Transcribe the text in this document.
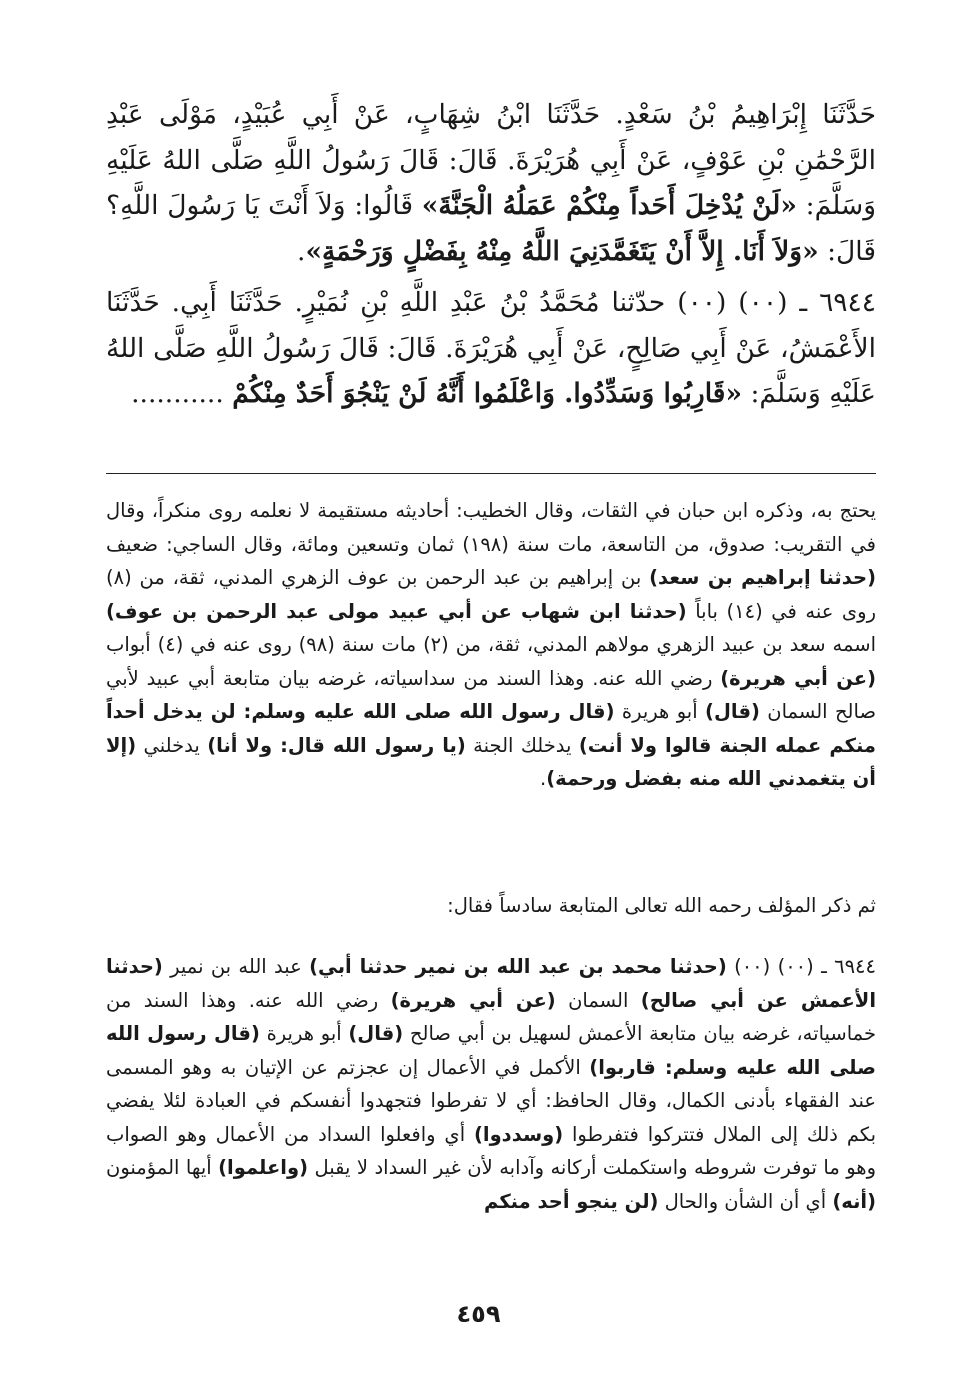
حَدَّثَنَا إِبْرَاهِيمُ بْنُ سَعْدٍ. حَدَّثَنَا ابْنُ شِهَابٍ، عَنْ أَبِي عُبَيْدٍ، مَوْلَى عَبْدِ الرَّحْمَٰنِ بْنِ عَوْفٍ، عَنْ أَبِي هُرَيْرَةَ. قَالَ: قَالَ رَسُولُ اللَّهِ صَلَّى اللهُ عَلَيْهِ وَسَلَّمَ: «لَنْ يُدْخِلَ أَحَداً مِنْكُمْ عَمَلُهُ الْجَنَّةَ» قَالُوا: وَلاَ أَنْتَ يَا رَسُولَ اللَّهِ؟ قَالَ: «وَلاَ أَنَا. إِلاَّ أَنْ يَتَغَمَّدَنِيَ اللَّهُ مِنْهُ بِفَضْلٍ وَرَحْمَةٍ».

٦٩٤٤ ـ (٠٠) (٠٠) حدّثنا مُحَمَّدُ بْنُ عَبْدِ اللَّهِ بْنِ نُمَيْرٍ. حَدَّثَنَا أَبِي. حَدَّثَنَا الأَعْمَشُ، عَنْ أَبِي صَالِحٍ، عَنْ أَبِي هُرَيْرَةَ. قَالَ: قَالَ رَسُولُ اللَّهِ صَلَّى اللهُ عَلَيْهِ وَسَلَّمَ: «قَارِبُوا وَسَدِّدُوا. وَاعْلَمُوا أَنَّهُ لَنْ يَنْجُوَ أَحَدٌ مِنْكُمْ ...........

يحتج به، وذكره ابن حبان في الثقات، وقال الخطيب: أحاديثه مستقيمة لا نعلمه روى منكراً، وقال في التقريب: صدوق، من التاسعة، مات سنة (١٩٨) ثمان وتسعين ومائة، وقال الساجي: ضعيف (حدثنا إبراهيم بن سعد) بن إبراهيم بن عبد الرحمن بن عوف الزهري المدني، ثقة، من (٨) روى عنه في (١٤) باباً (حدثنا ابن شهاب عن أبي عبيد مولى عبد الرحمن بن عوف) اسمه سعد بن عبيد الزهري مولاهم المدني، ثقة، من (٢) مات سنة (٩٨) روى عنه في (٤) أبواب (عن أبي هريرة) رضي الله عنه. وهذا السند من سداسياته، غرضه بيان متابعة أبي عبيد لأبي صالح السمان (قال) أبو هريرة (قال رسول الله صلى الله عليه وسلم: لن يدخل أحداً منكم عمله الجنة قالوا ولا أنت) يدخلك الجنة (يا رسول الله قال: ولا أنا) يدخلني (إلا أن يتغمدني الله منه بفضل ورحمة).

ثم ذكر المؤلف رحمه الله تعالى المتابعة سادساً فقال:

٦٩٤٤ ـ (٠٠) (٠٠) (حدثنا محمد بن عبد الله بن نمير حدثنا أبي) عبد الله بن نمير (حدثنا الأعمش عن أبي صالح) السمان (عن أبي هريرة) رضي الله عنه. وهذا السند من خماسياته، غرضه بيان متابعة الأعمش لسهيل بن أبي صالح (قال) أبو هريرة (قال رسول الله صلى الله عليه وسلم: قاربوا) الأكمل في الأعمال إن عجزتم عن الإتيان به وهو المسمى عند الفقهاء بأدنى الكمال، وقال الحافظ: أي لا تفرطوا فتجهدوا أنفسكم في العبادة لئلا يفضي بكم ذلك إلى الملال فتتركوا فتفرطوا (وسددوا) أي وافعلوا السداد من الأعمال وهو الصواب وهو ما توفرت شروطه واستكملت أركانه وآدابه لأن غير السداد لا يقبل (واعلموا) أيها المؤمنون (أنه) أي أن الشأن والحال (لن ينجو أحد منكم

٤٥٩
